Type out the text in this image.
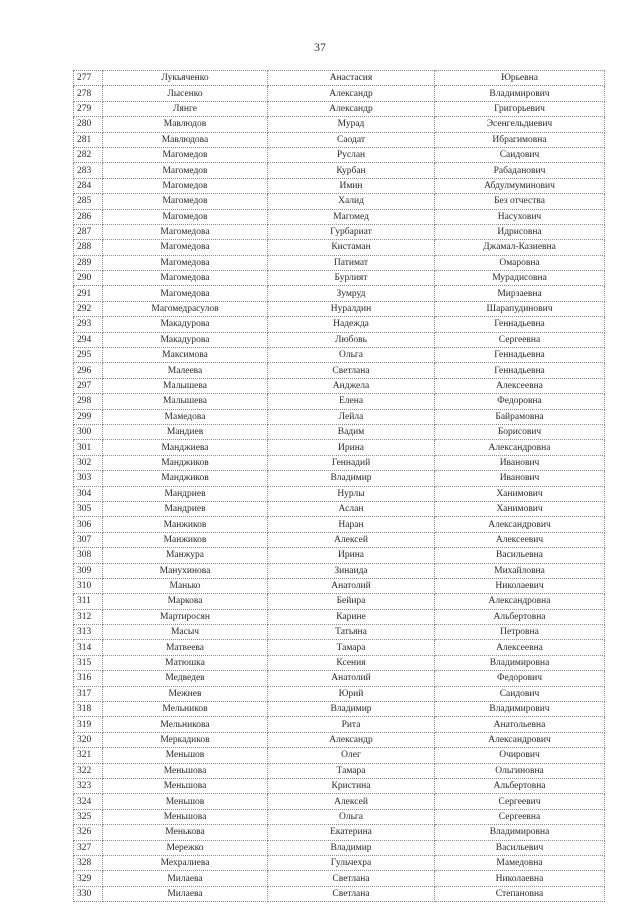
37
277	Лукьяченко	Анастасия	Юрьевна
278	Лысенко	Александр	Владимирович
279	Лянге	Александр	Григорьевич
280	Мавлюдов	Мурад	Эсенгельдиевич
281	Мавлюдова	Саодат	Ибрагимовна
282	Магомедов	Руслан	Саидович
283	Магомедов	Курбан	Рабаданович
284	Магомедов	Имин	Абдулмуминович
285	Магомедов	Халид	Без отчества
286	Магомедов	Магомед	Насухович
287	Магомедова	Гурбариат	Идрисовна
288	Магомедова	Кистаман	Джамал-Казиевна
289	Магомедова	Патимат	Омаровна
290	Магомедова	Бурлият	Мурадисовна
291	Магомедова	Зумруд	Мирзаевна
292	Магомедрасулов	Нуралдин	Шарапудинович
293	Макадурова	Надежда	Геннадьевна
294	Макадурова	Любовь	Сергеевна
295	Максимова	Ольга	Геннадьевна
296	Малеева	Светлана	Геннадьевна
297	Малышева	Анджела	Алексеевна
298	Малышева	Елена	Федоровна
299	Мамедова	Лейла	Байрамовна
300	Мандиев	Вадим	Борисович
301	Манджиева	Ирина	Александровна
302	Манджиков	Геннадий	Иванович
303	Манджиков	Владимир	Иванович
304	Мандриев	Нурлы	Ханимович
305	Мандриев	Аслан	Ханимович
306	Манжиков	Наран	Александрович
307	Манжиков	Алексей	Алексеевич
308	Манжура	Ирина	Васильевна
309	Манухинова	Зинаида	Михайловна
310	Манько	Анатолий	Николаевич
311	Маркова	Бейира	Александровна
312	Мартиросян	Карине	Альбертовна
313	Масыч	Татьяна	Петровна
314	Матвеева	Тамара	Алексеевна
315	Матюшка	Ксения	Владимировна
316	Медведев	Анатолий	Федорович
317	Межнев	Юрий	Саидович
318	Мельников	Владимир	Владимирович
319	Мельникова	Рита	Анатольевна
320	Меркадиков	Александр	Александрович
321	Меньшов	Олег	Очирович
322	Меньшова	Тамара	Ольгиновна
323	Меньшова	Кристина	Альбертовна
324	Меньшов	Алексей	Сергеевич
325	Меньшова	Ольга	Сергеевна
326	Менькова	Екатерина	Владимировна
327	Мережко	Владимир	Васильевич
328	Мехралиева	Гульчехра	Мамедовна
329	Милаева	Светлана	Николаевна
330	Милаева	Светлана	Степановна
